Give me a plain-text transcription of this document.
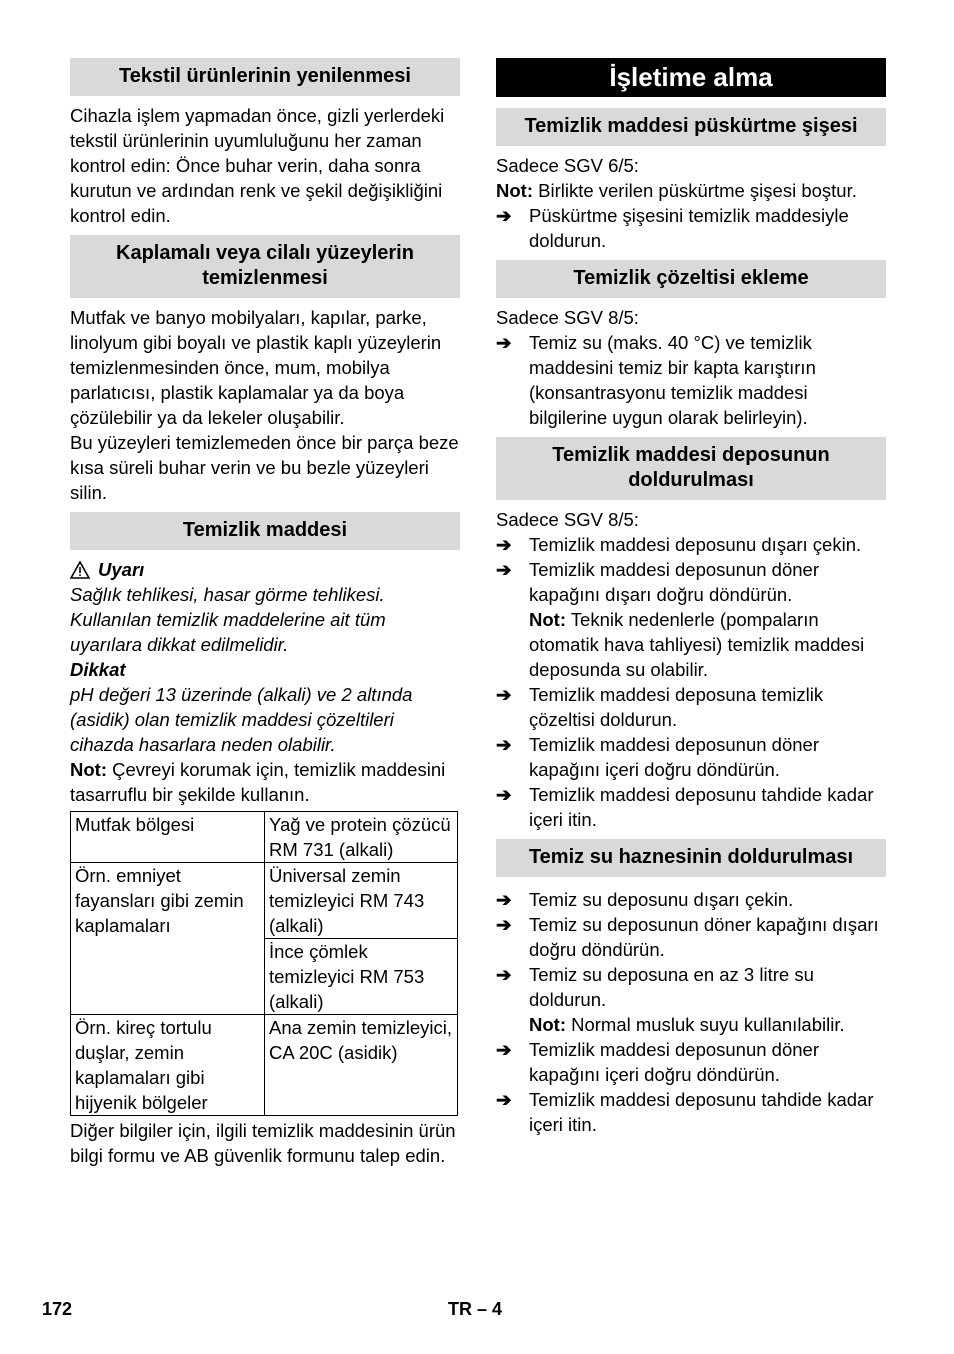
Tekstil ürünlerinin yenilenmesi

Cihazla işlem yapmadan önce, gizli yerlerdeki tekstil ürünlerinin uyumluluğunu her zaman kontrol edin: Önce buhar verin, daha sonra kurutun ve ardından renk ve şekil değişikliğini kontrol edin.

Kaplamalı veya cilalı yüzeylerin temizlenmesi

Mutfak ve banyo mobilyaları, kapılar, parke, linolyum gibi boyalı ve plastik kaplı yüzeylerin temizlenmesinden önce, mum, mobilya parlatıcısı, plastik kaplamalar ya da boya çözülebilir ya da lekeler oluşabilir.

Bu yüzeyleri temizlemeden önce bir parça beze kısa süreli buhar verin ve bu bezle yüzeyleri silin.

Temizlik maddesi
Uyarı

Sağlık tehlikesi, hasar görme tehlikesi. Kullanılan temizlik maddelerine ait tüm uyarılara dikkat edilmelidir.

Dikkat

pH değeri 13 üzerinde (alkali) ve 2 altında (asidik) olan temizlik maddesi çözeltileri cihazda hasarlara neden olabilir.

Not: Çevreyi korumak için, temizlik maddesini tasarruflu bir şekilde kullanın.

Mutfak bölgesi	Yağ ve protein çözücü RM 731 (alkali)
Örn. emniyet fayansları gibi zemin kaplamaları	Üniversal zemin temizleyici RM 743 (alkali)
	İnce çömlek temizleyici RM 753 (alkali)
Örn. kireç tortulu duşlar, zemin kaplamaları gibi hijyenik bölgeler	Ana zemin temizleyici, CA 20C (asidik)

Diğer bilgiler için, ilgili temizlik maddesinin ürün bilgi formu ve AB güvenlik formunu talep edin.

İşletime alma
Temizlik maddesi püskürtme şişesi

Sadece SGV 6/5:

Not: Birlikte verilen püskürtme şişesi boştur.

➔ Püskürtme şişesini temizlik maddesiyle doldurun.
Temizlik çözeltisi ekleme

Sadece SGV 8/5:

➔ Temiz su (maks. 40 °C) ve temizlik maddesini temiz bir kapta karıştırın (konsantrasyonu temizlik maddesi bilgilerine uygun olarak belirleyin).
Temizlik maddesi deposunun doldurulması

Sadece SGV 8/5:

➔ Temizlik maddesi deposunu dışarı çekin.
➔ Temizlik maddesi deposunun döner kapağını dışarı doğru döndürün.
Not: Teknik nedenlerle (pompaların otomatik hava tahliyesi) temizlik maddesi deposunda su olabilir.
➔ Temizlik maddesi deposuna temizlik çözeltisi doldurun.
➔ Temizlik maddesi deposunun döner kapağını içeri doğru döndürün.
➔ Temizlik maddesi deposunu tahdide kadar içeri itin.
Temiz su haznesinin doldurulması
➔ Temiz su deposunu dışarı çekin.
➔ Temiz su deposunun döner kapağını dışarı doğru döndürün.
➔ Temiz su deposuna en az 3 litre su doldurun.
Not: Normal musluk suyu kullanılabilir.
➔ Temizlik maddesi deposunun döner kapağını içeri doğru döndürün.
➔ Temizlik maddesi deposunu tahdide kadar içeri itin.
172	TR – 4
